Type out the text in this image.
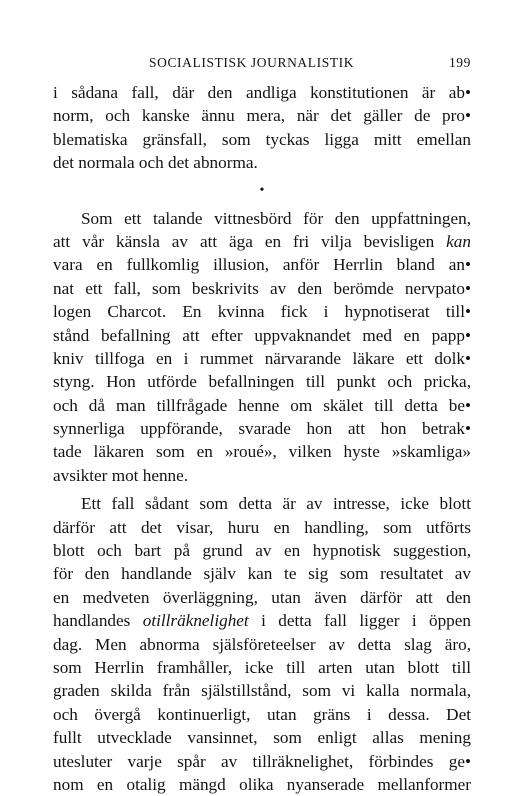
SOCIALISTISK JOURNALISTIK	199
i sådana fall, där den andliga konstitutionen är ab•
norm, och kanske ännu mera, när det gäller de pro•
blematiska gränsfall, som tyckas ligga mitt emellan
det normala och det abnorma.
•
Som ett talande vittnesbörd för den uppfattningen,
att vår känsla av att äga en fri vilja bevisligen kan
vara en fullkomlig illusion, anför Herrlin bland an•
nat ett fall, som beskrivits av den berömde nervpato•
logen Charcot. En kvinna fick i hypnotiserat till•
stånd befallning att efter uppvaknandet med en papp•
kniv tillfoga en i rummet närvarande läkare ett dolk•
styng. Hon utförde befallningen till punkt och pricka,
och då man tillfrågade henne om skälet till detta be•
synnerliga uppförande, svarade hon att hon betrak•
tade läkaren som en »roué», vilken hyste »skamliga»
avsikter mot henne.
Ett fall sådant som detta är av intresse, icke blott
därför att det visar, huru en handling, som utförts
blott och bart på grund av en hypnotisk suggestion,
för den handlande själv kan te sig som resultatet av
en medveten överläggning, utan även därför att den
handlandes otillräknelighet i detta fall ligger i öppen
dag. Men abnorma själsföreteelser av detta slag äro,
som Herrlin framhåller, icke till arten utan blott till
graden skilda från själstillstånd, som vi kalla normala,
och övergå kontinuerligt, utan gräns i dessa. Det
fullt utvecklade vansinnet, som enligt allas mening
utesluter varje spår av tillräknelighet, förbindes ge•
nom en otalig mängd olika nyanserade mellanformer
